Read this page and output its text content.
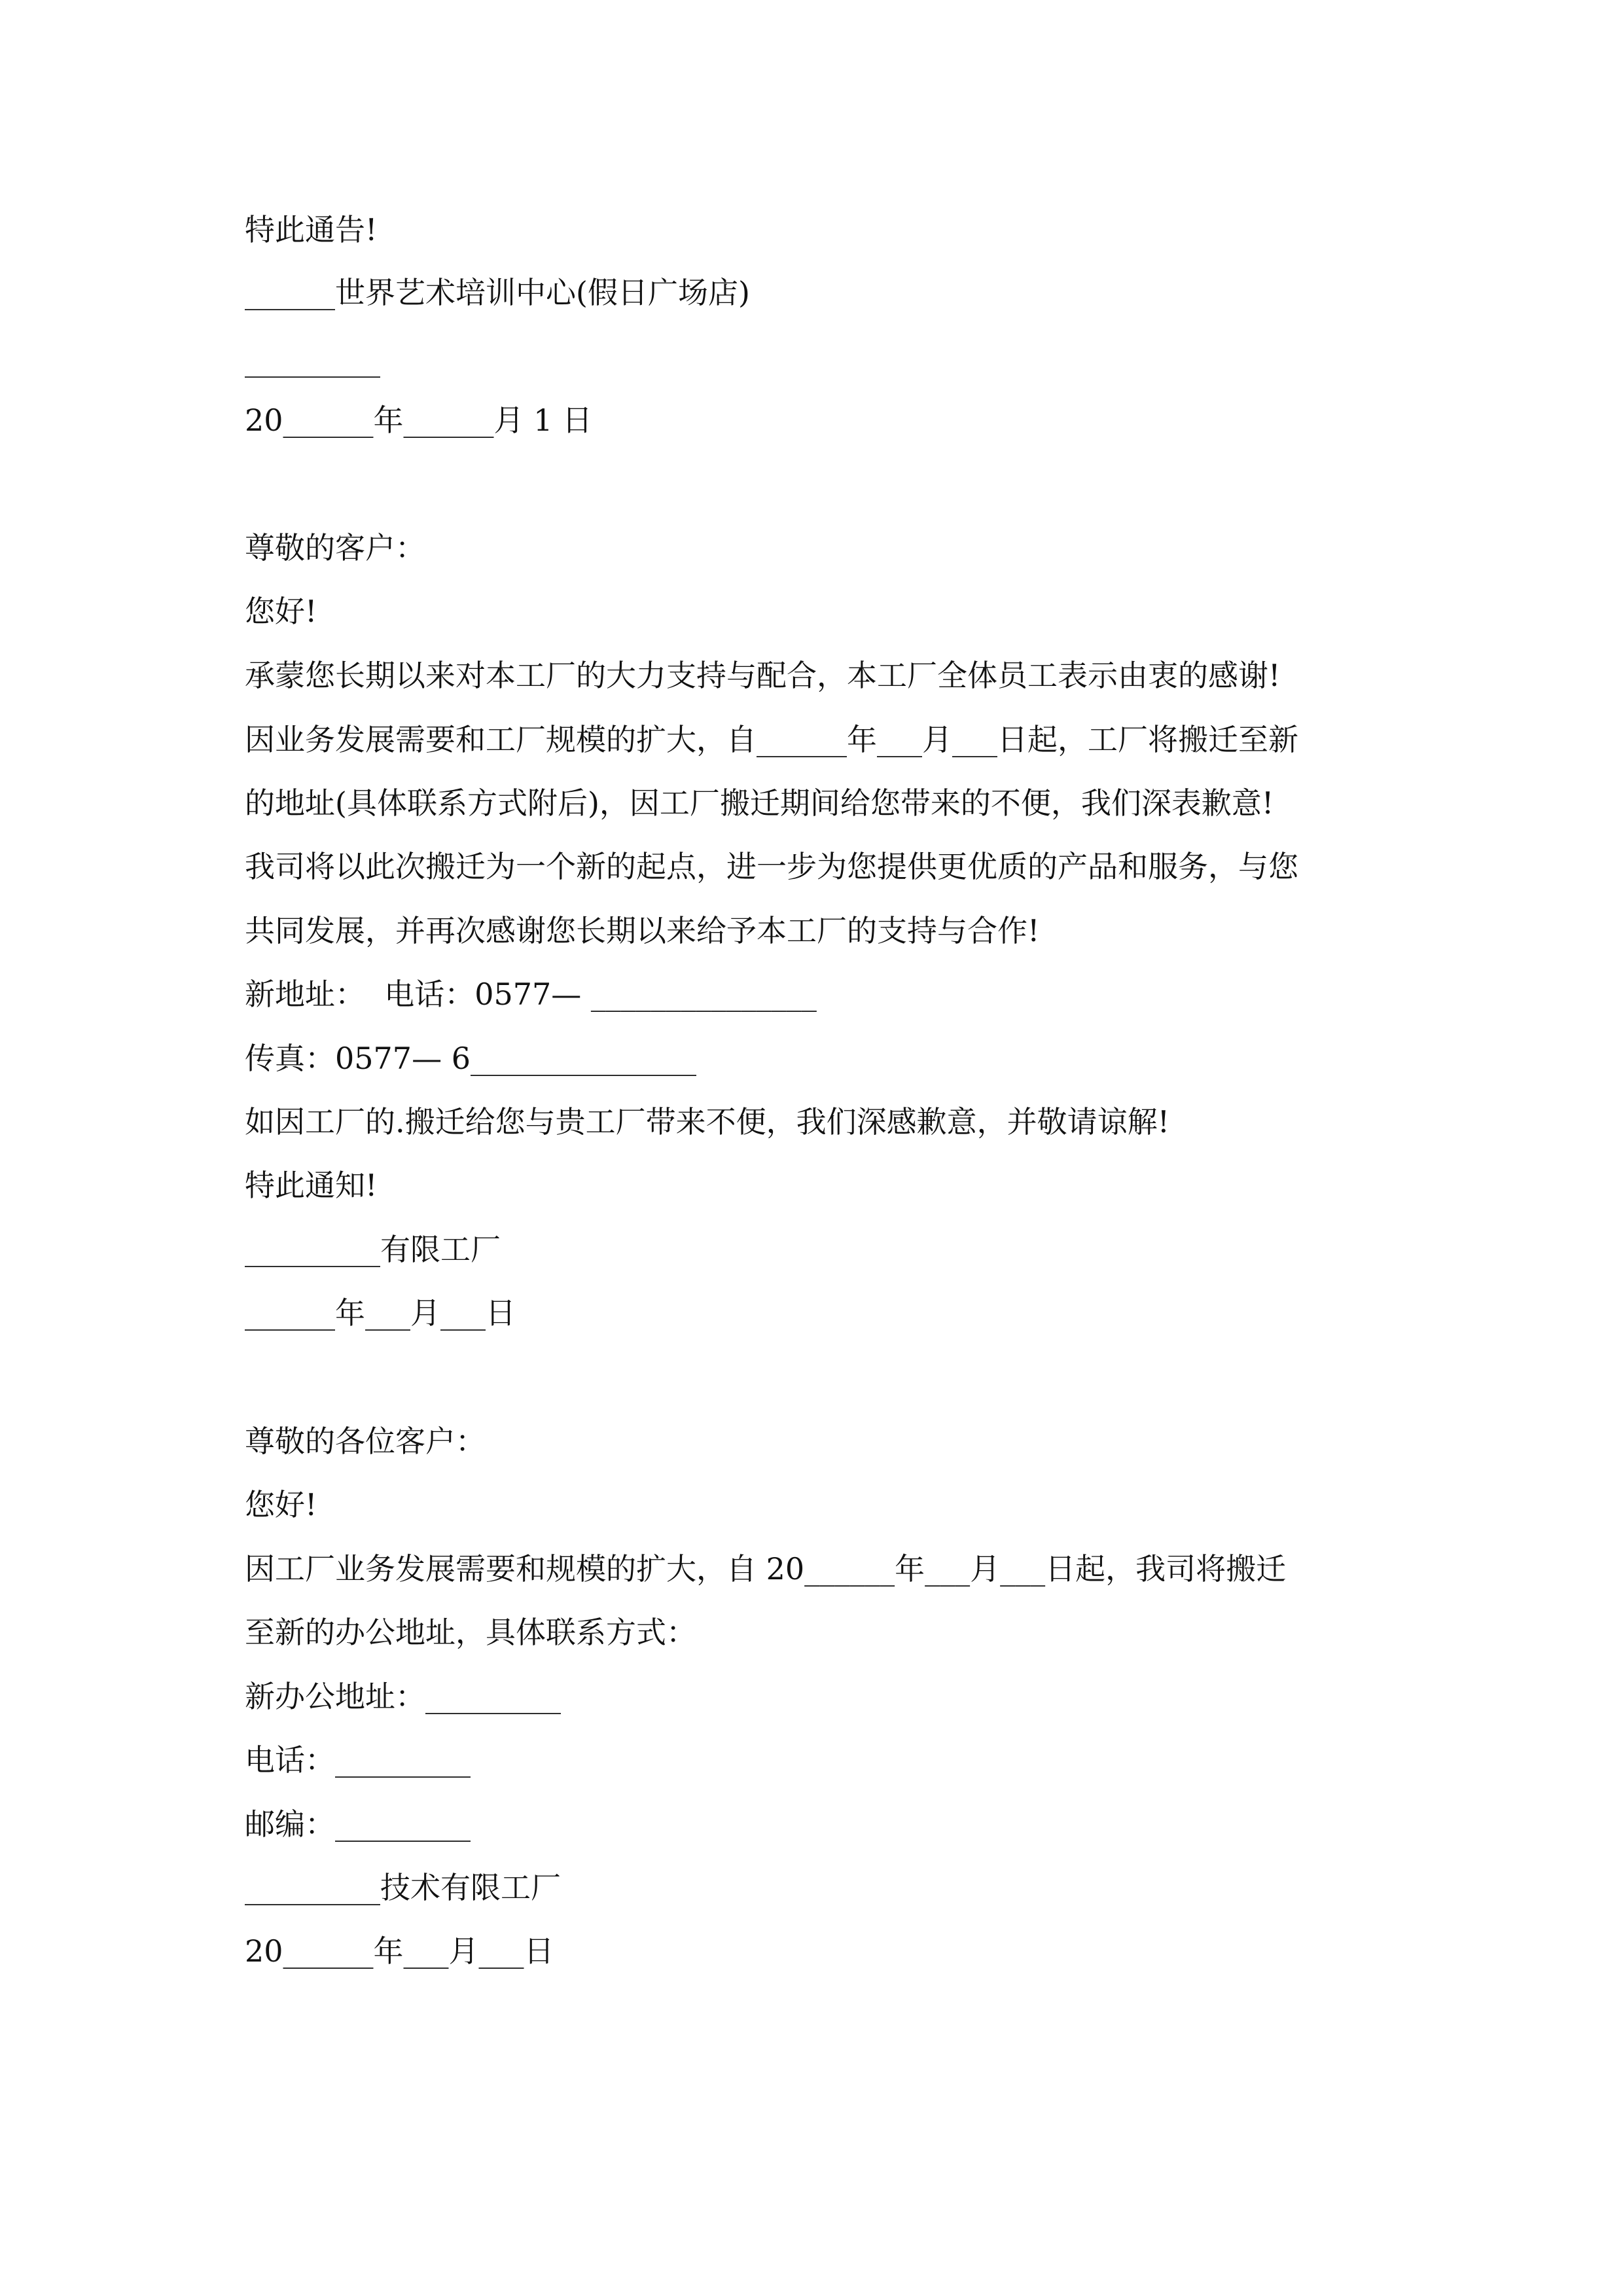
特此通告!

______世界艺术培训中心(假日广场店)

_________

20______年______月 1 日

尊敬的客户：

您好!

承蒙您长期以来对本工厂的大力支持与配合，本工厂全体员工表示由衷的感谢!

因业务发展需要和工厂规模的扩大，自______年___月___日起，工厂将搬迁至新

的地址(具体联系方式附后)，因工厂搬迁期间给您带来的不便，我们深表歉意!

我司将以此次搬迁为一个新的起点，进一步为您提供更优质的产品和服务，与您

共同发展，并再次感谢您长期以来给予本工厂的支持与合作!

新地址：  电话：0577— _______________

传真：0577— 6_______________

如因工厂的.搬迁给您与贵工厂带来不便，我们深感歉意，并敬请谅解!

特此通知!

_________有限工厂

______年___月___日

尊敬的各位客户：

您好!

因工厂业务发展需要和规模的扩大，自 20______年___月___日起，我司将搬迁

至新的办公地址，具体联系方式：

新办公地址：_________

电话：_________

邮编：_________

_________技术有限工厂

20______年___月___日
